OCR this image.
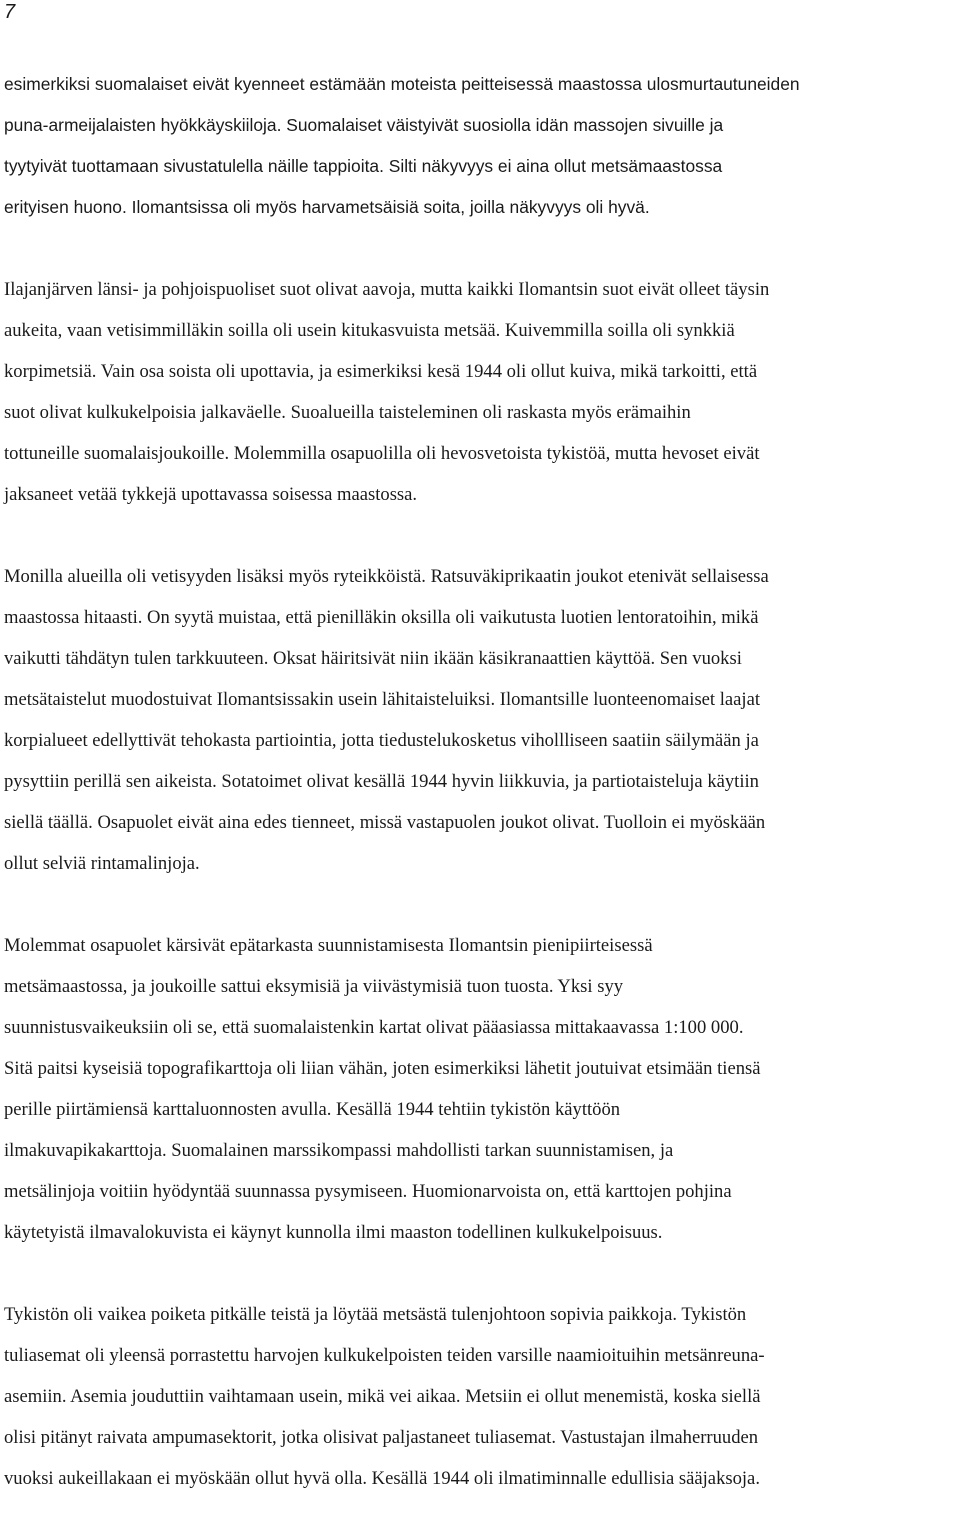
7
esimerkiksi suomalaiset eivät kyenneet estämään moteista peitteisessä maastossa ulosmurtautuneiden
puna-armeijalaisten hyökkäyskiiloja. Suomalaiset väistyivät suosiolla idän massojen sivuille ja
tyytyivät tuottamaan sivustatulella näille tappioita. Silti näkyvyys ei aina ollut metsämaastossa
erityisen huono. Ilomantsissa oli myös harvametsäisiä soita, joilla näkyvyys oli hyvä.
Ilajanjärven länsi- ja pohjoispuoliset suot olivat aavoja, mutta kaikki Ilomantsin suot eivät olleet täysin
aukeita, vaan vetisimmilläkin soilla oli usein kitukasvuista metsää. Kuivemmilla soilla oli synkkiä
korpimetsiä. Vain osa soista oli upottavia, ja esimerkiksi kesä 1944 oli ollut kuiva, mikä tarkoitti, että
suot olivat kulkukelpoisia jalkaväelle. Suoalueilla taisteleminen oli raskasta myös erämaihin
tottuneille suomalaisjoukoille. Molemmilla osapuolilla oli hevosvetoista tykistöä, mutta hevoset eivät
jaksaneet vetää tykkejä upottavassa soisessa maastossa.
Monilla alueilla oli vetisyyden lisäksi myös ryteikköistä. Ratsuväkiprikaatin joukot etenivät sellaisessa
maastossa hitaasti. On syytä muistaa, että pienilläkin oksilla oli vaikutusta luotien lentoratoihin, mikä
vaikutti tähdätyn tulen tarkkuuteen. Oksat häiritsivät niin ikään käsikranaattien käyttöä. Sen vuoksi
metsätaistelut muodostuivat Ilomantsissakin usein lähitaisteluiksi. Ilomantsille luonteenomaiset laajat
korpialueet edellyttivät tehokasta partiointia, jotta tiedustelukosketus vihollliseen saatiin säilymään ja
pysyttiin perillä sen aikeista. Sotatoimet olivat kesällä 1944 hyvin liikkuvia, ja partiotaisteluja käytiin
siellä täällä. Osapuolet eivät aina edes tienneet, missä vastapuolen joukot olivat. Tuolloin ei myöskään
ollut selviä rintamalinjoja.
Molemmat osapuolet kärsivät epätarkasta suunnistamisesta Ilomantsin pienipiirteisessä
metsämaastossa, ja joukoille sattui eksymisiä ja viivästymisiä tuon tuosta. Yksi syy
suunnistusvaikeuksiin oli se, että suomalaistenkin kartat olivat pääasiassa mittakaavassa 1:100 000.
Sitä paitsi kyseisiä topografikarttoja oli liian vähän, joten esimerkiksi lähetit joutuivat etsimään tiensä
perille piirtämiensä karttaluonnosten avulla. Kesällä 1944 tehtiin tykistön käyttöön
ilmakuvapikakarttoja. Suomalainen marssikompassi mahdollisti tarkan suunnistamisen, ja
metsälinjoja voitiin hyödyntää suunnassa pysymiseen. Huomionarvoista on, että karttojen pohjina
käytetyistä ilmavalokuvista ei käynyt kunnolla ilmi maaston todellinen kulkukelpoisuus.
Tykistön oli vaikea poiketa pitkälle teistä ja löytää metsästä tulenjohtoon sopivia paikkoja. Tykistön
tuliasemat oli yleensä porrastettu harvojen kulkukelpoisten teiden varsille naamioituihin metsänreuna-
asemiin. Asemia jouduttiin vaihtamaan usein, mikä vei aikaa. Metsiin ei ollut menemistä, koska siellä
olisi pitänyt raivata ampumasektorit, jotka olisivat paljastaneet tuliasemat. Vastustajan ilmaherruuden
vuoksi aukeillakaan ei myöskään ollut hyvä olla. Kesällä 1944 oli ilmatiminnalle edullisia sääjaksoja.
